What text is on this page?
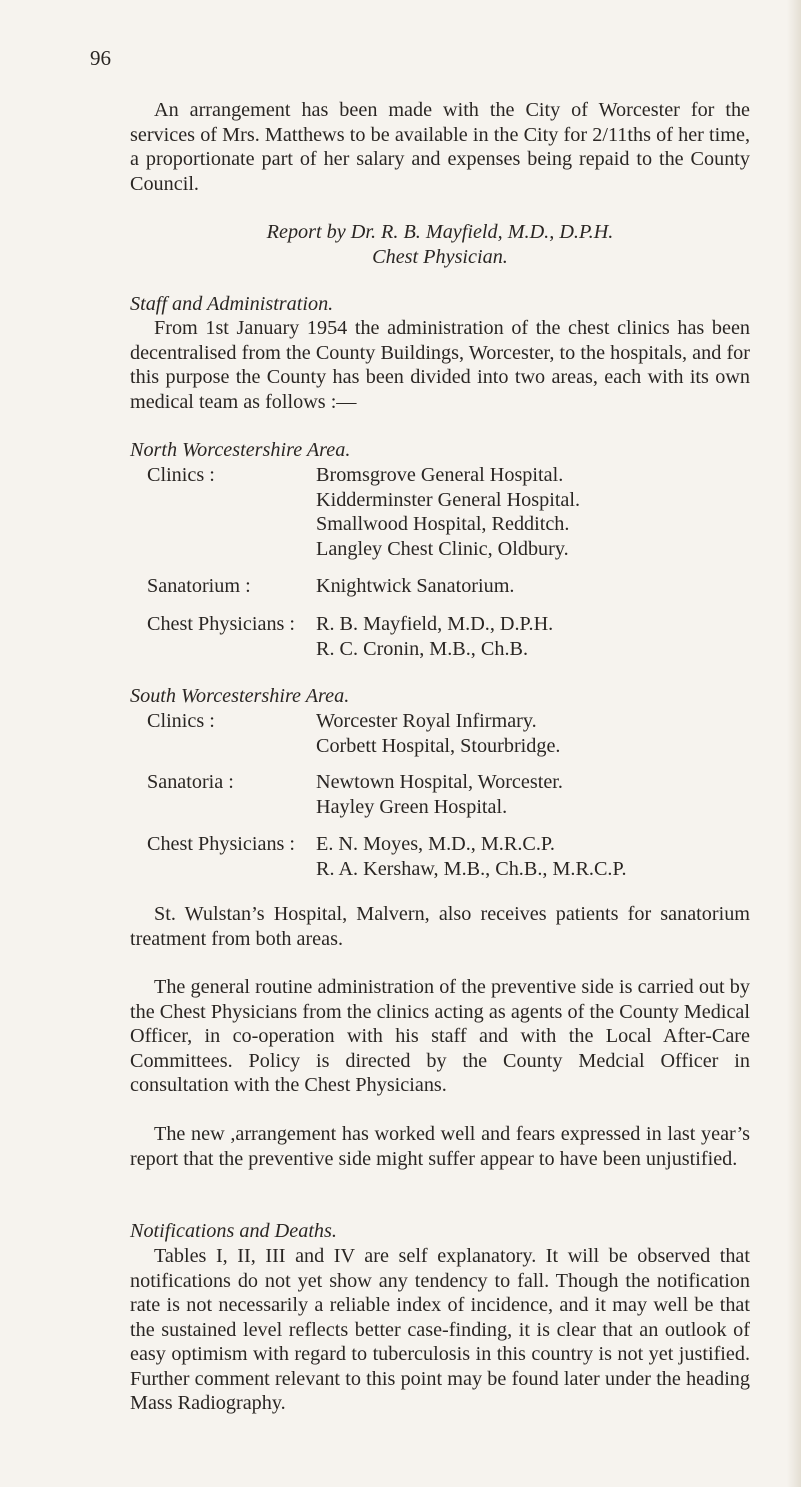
96

An arrangement has been made with the City of Worcester for the services of Mrs. Matthews to be available in the City for 2/11ths of her time, a proportionate part of her salary and expenses being repaid to the County Council.

Report by Dr. R. B. Mayfield, M.D., D.P.H.
Chest Physician.
Staff and Administration.

From 1st January 1954 the administration of the chest clinics has been decentralised from the County Buildings, Worcester, to the hospitals, and for this purpose the County has been divided into two areas, each with its own medical team as follows :—

North Worcestershire Area.
Clinics :	Bromsgrove General Hospital.
Kidderminster General Hospital.
Smallwood Hospital, Redditch.
Langley Chest Clinic, Oldbury.
Sanatorium :	Knightwick Sanatorium.
Chest Physicians : R. B. Mayfield, M.D., D.P.H.
R. C. Cronin, M.B., Ch.B.
South Worcestershire Area.
Clinics :	Worcester Royal Infirmary.
Corbett Hospital, Stourbridge.
Sanatoria :	Newtown Hospital, Worcester.
Hayley Green Hospital.
Chest Physicians : E. N. Moyes, M.D., M.R.C.P.
R. A. Kershaw, M.B., Ch.B., M.R.C.P.

St. Wulstan’s Hospital, Malvern, also receives patients for sanatorium treatment from both areas.

The general routine administration of the preventive side is carried out by the Chest Physicians from the clinics acting as agents of the County Medical Officer, in co-operation with his staff and with the Local After-Care Committees. Policy is directed by the County Medcial Officer in consultation with the Chest Physicians.

The new ,arrangement has worked well and fears expressed in last year’s report that the preventive side might suffer appear to have been unjustified.

Notifications and Deaths.

Tables I, II, III and IV are self explanatory. It will be observed that notifications do not yet show any tendency to fall. Though the notification rate is not necessarily a reliable index of incidence, and it may well be that the sustained level reflects better case-finding, it is clear that an outlook of easy optimism with regard to tuberculosis in this country is not yet justified. Further comment relevant to this point may be found later under the heading Mass Radiography.
